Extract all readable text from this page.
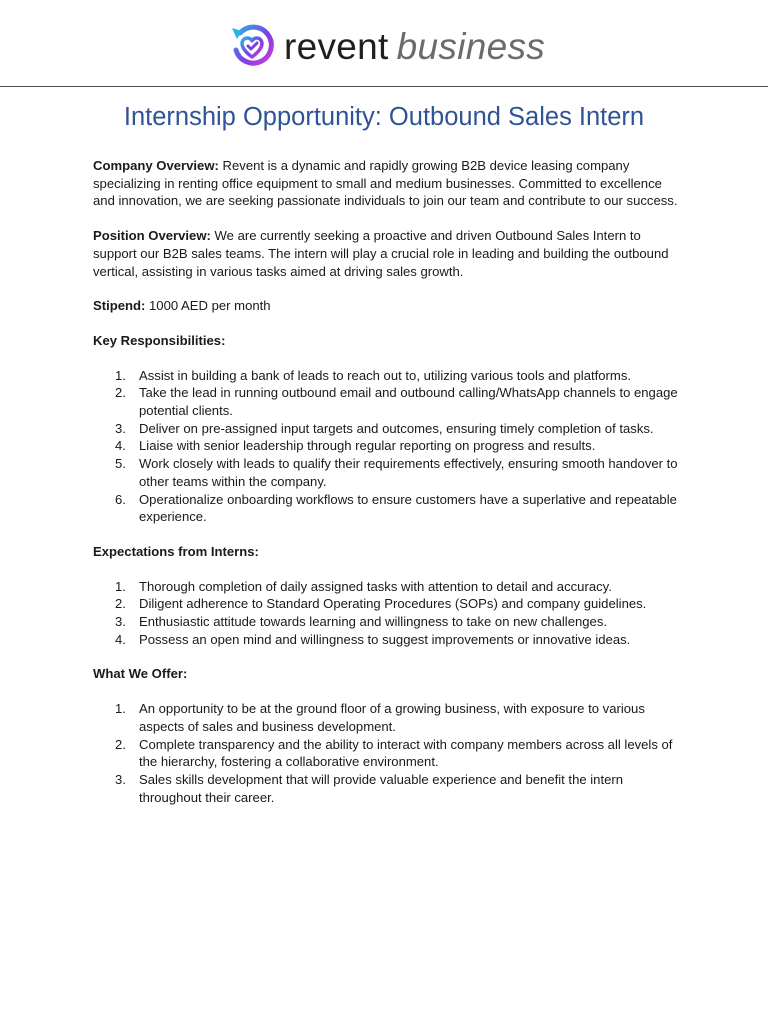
revent business
Internship Opportunity: Outbound Sales Intern

Company Overview: Revent is a dynamic and rapidly growing B2B device leasing company specializing in renting office equipment to small and medium businesses. Committed to excellence and innovation, we are seeking passionate individuals to join our team and contribute to our success.

Position Overview: We are currently seeking a proactive and driven Outbound Sales Intern to support our B2B sales teams. The intern will play a crucial role in leading and building the outbound vertical, assisting in various tasks aimed at driving sales growth.

Stipend: 1000 AED per month

Key Responsibilities:
1. Assist in building a bank of leads to reach out to, utilizing various tools and platforms.
2. Take the lead in running outbound email and outbound calling/WhatsApp channels to engage potential clients.
3. Deliver on pre-assigned input targets and outcomes, ensuring timely completion of tasks.
4. Liaise with senior leadership through regular reporting on progress and results.
5. Work closely with leads to qualify their requirements effectively, ensuring smooth handover to other teams within the company.
6. Operationalize onboarding workflows to ensure customers have a superlative and repeatable experience.
Expectations from Interns:
1. Thorough completion of daily assigned tasks with attention to detail and accuracy.
2. Diligent adherence to Standard Operating Procedures (SOPs) and company guidelines.
3. Enthusiastic attitude towards learning and willingness to take on new challenges.
4. Possess an open mind and willingness to suggest improvements or innovative ideas.
What We Offer:
1. An opportunity to be at the ground floor of a growing business, with exposure to various aspects of sales and business development.
2. Complete transparency and the ability to interact with company members across all levels of the hierarchy, fostering a collaborative environment.
3. Sales skills development that will provide valuable experience and benefit the intern throughout their career.
